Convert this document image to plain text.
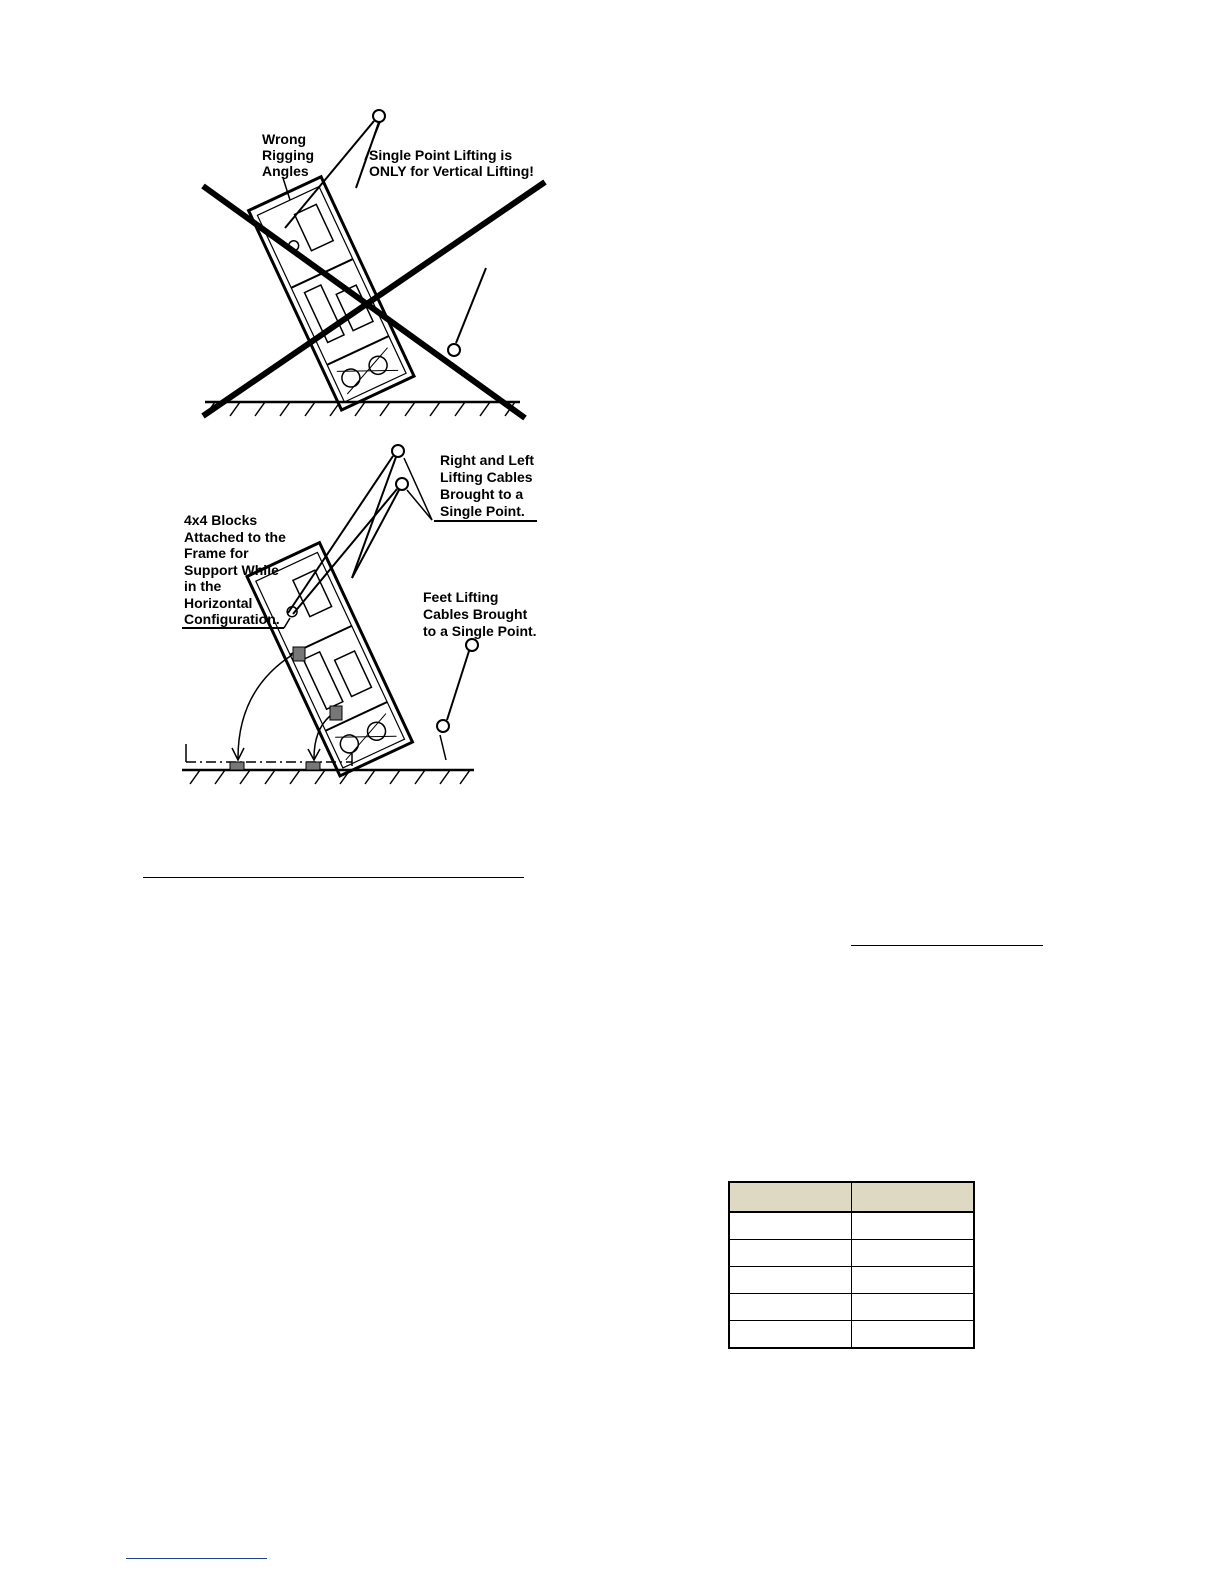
Wrong
Rigging
Angles
Single Point Lifting is
ONLY for Vertical Lifting!
Right and Left
Lifting Cables
Brought to a
Single Point.
4x4 Blocks
Attached to the
Frame for
Support While
in the
Horizontal
Configuration.
Feet Lifting
Cables Brought
to a Single Point.
